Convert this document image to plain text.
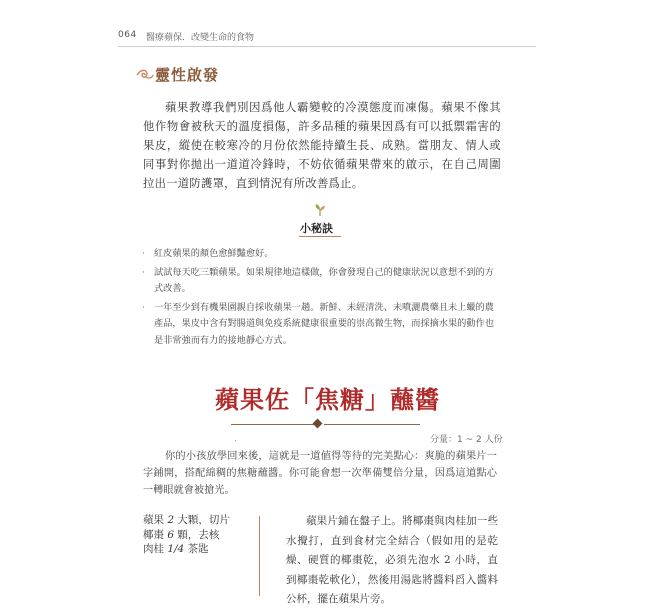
064 醫療蘋保．改變生命的食物
靈性啟發

蘋果教導我們別因爲他人霸變較的冷漠態度而凍傷。蘋果不像其他作物會被秋天的溫度損傷，許多品種的蘋果因爲有可以抵禦霜害的果皮，縱使在較寒冷的月份依然能持續生長、成熟。當朋友、情人或同事對你拋出一道道冷鋒時，不妨依循蘋果帶來的啟示，在自己周圍拉出一道防護罩，直到情況有所改善爲止。

小秘訣
· 紅皮蘋果的顏色愈鮮豔愈好。
· 試試每天吃三顆蘋果。如果規律地這樣做，你會發現自己的健康狀況以意想不到的方式改善。
· 一年至少到有機果園親自採收蘋果一趟。新鮮、未經清洗、未噴灑農藥且未上蠟的農產品，果皮中含有對腸道與免疫系統健康很重要的崇高微生物，而採摘水果的動作也是非常強而有力的接地靜心方式。
蘋果佐「焦糖」蘸醬
.	分量：1 ~ 2 人份

你的小孩放學回來後，這就是一道値得等待的完美點心：爽脆的蘋果片一字鋪開，搭配綿稠的焦糖蘸醬。你可能會想一次準備雙倍分量，因爲這道點心一轉眼就會被搶光。

蘋果 2 大顆，切片
椰棗 6 顆，去核
肉桂 1/4 茶匙

蘋果片鋪在盤子上。將椰棗與肉桂加一些水攪打，直到食材完全結合（假如用的是乾燥、硬質的椰棗乾，必須先泡水 2 小時，直到椰棗乾軟化），然後用湯匙將醬料舀入醬料公杯，擺在蘋果片旁。
